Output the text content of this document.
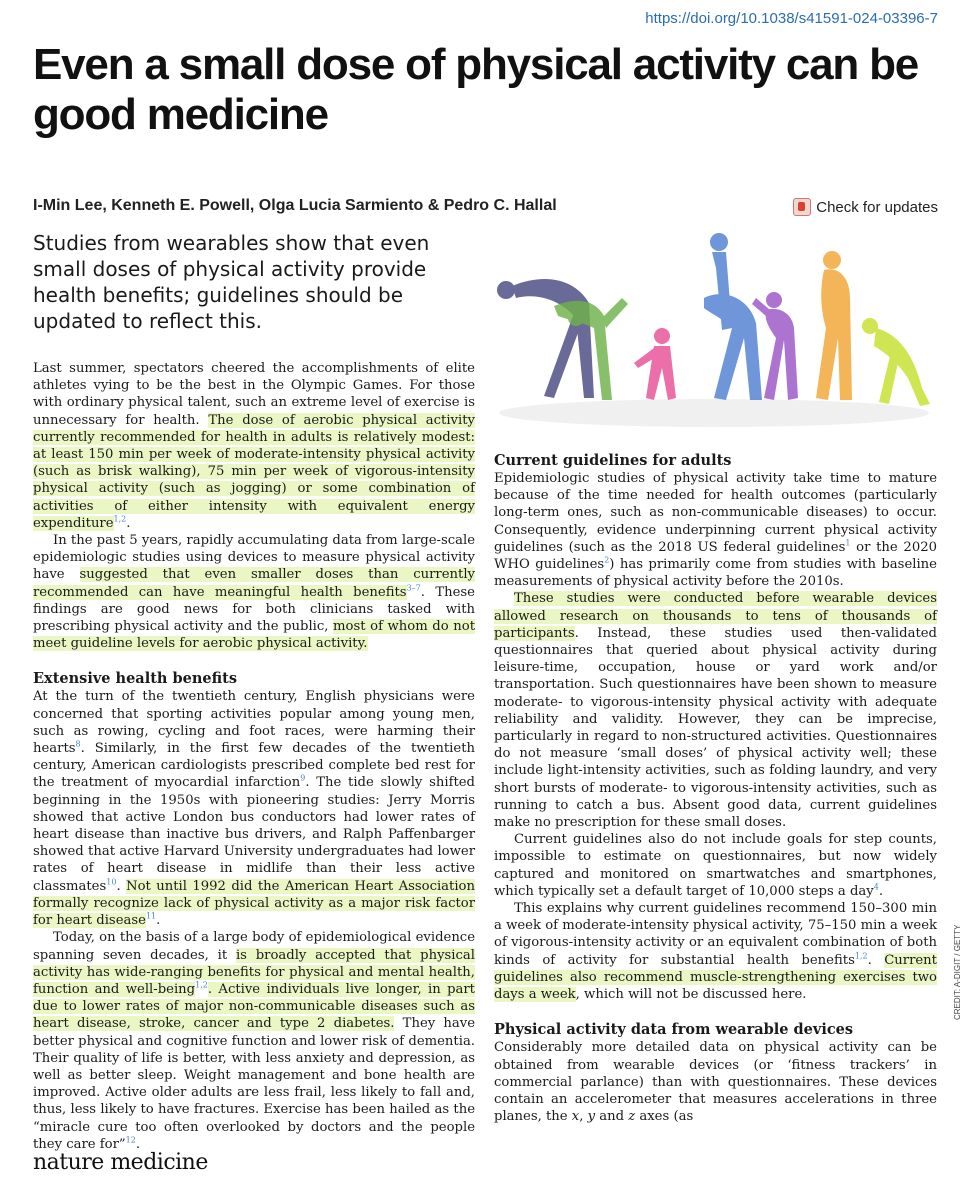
https://doi.org/10.1038/s41591-024-03396-7
Even a small dose of physical activity can be good medicine
I-Min Lee, Kenneth E. Powell, Olga Lucia Sarmiento & Pedro C. Hallal	Check for updates

Studies from wearables show that even small doses of physical activity provide health benefits; guidelines should be updated to reflect this.

Last summer, spectators cheered the accomplishments of elite athletes vying to be the best in the Olympic Games. For those with ordinary physical talent, such an extreme level of exercise is unnecessary for health. The dose of aerobic physical activity currently recommended for health in adults is relatively modest: at least 150 min per week of moderate-intensity physical activity (such as brisk walking), 75 min per week of vigorous-intensity physical activity (such as jogging) or some combination of activities of either intensity with equivalent energy expenditure$^{1,2}$.

In the past 5 years, rapidly accumulating data from large-scale epidemiologic studies using devices to measure physical activity have suggested that even smaller doses than currently recommended can have meaningful health benefits$^{3-7}$. These findings are good news for both clinicians tasked with prescribing physical activity and the public, most of whom do not meet guideline levels for aerobic physical activity.

Extensive health benefits

At the turn of the twentieth century, English physicians were concerned that sporting activities popular among young men, such as rowing, cycling and foot races, were harming their hearts$^8$. Similarly, in the first few decades of the twentieth century, American cardiologists prescribed complete bed rest for the treatment of myocardial infarction$^9$. The tide slowly shifted beginning in the 1950s with pioneering studies: Jerry Morris showed that active London bus conductors had lower rates of heart disease than inactive bus drivers, and Ralph Paffenbarger showed that active Harvard University undergraduates had lower rates of heart disease in midlife than their less active classmates$^{10}$. Not until 1992 did the American Heart Association formally recognize lack of physical activity as a major risk factor for heart disease$^{11}$.

Today, on the basis of a large body of epidemiological evidence spanning seven decades, it is broadly accepted that physical activity has wide-ranging benefits for physical and mental health, function and well-being$^{1,2}$. Active individuals live longer, in part due to lower rates of major non-communicable diseases such as heart disease, stroke, cancer and type 2 diabetes. They have better physical and cognitive function and lower risk of dementia. Their quality of life is better, with less anxiety and depression, as well as better sleep. Weight management and bone health are improved. Active older adults are less frail, less likely to fall and, thus, less likely to have fractures. Exercise has been hailed as the “miracle cure too often overlooked by doctors and the people they care for”$^{12}$.

Current guidelines for adults

Epidemiologic studies of physical activity take time to mature because of the time needed for health outcomes (particularly long-term ones, such as non-communicable diseases) to occur. Consequently, evidence underpinning current physical activity guidelines (such as the 2018 US federal guidelines$^1$ or the 2020 WHO guidelines$^2$) has primarily come from studies with baseline measurements of physical activity before the 2010s.

These studies were conducted before wearable devices allowed research on thousands to tens of thousands of participants. Instead, these studies used then-validated questionnaires that queried about physical activity during leisure-time, occupation, house or yard work and/or transportation. Such questionnaires have been shown to measure moderate- to vigorous-intensity physical activity with adequate reliability and validity. However, they can be imprecise, particularly in regard to non-structured activities. Questionnaires do not measure ‘small doses’ of physical activity well; these include light-intensity activities, such as folding laundry, and very short bursts of moderate- to vigorous-intensity activities, such as running to catch a bus. Absent good data, current guidelines make no prescription for these small doses.

Current guidelines also do not include goals for step counts, impossible to estimate on questionnaires, but now widely captured and monitored on smartwatches and smartphones, which typically set a default target of 10,000 steps a day$^4$.

This explains why current guidelines recommend 150–300 min a week of moderate-intensity physical activity, 75–150 min a week of vigorous-intensity activity or an equivalent combination of both kinds of activity for substantial health benefits$^{1,2}$. Current guidelines also recommend muscle-strengthening exercises two days a week, which will not be discussed here.

Physical activity data from wearable devices

Considerably more detailed data on physical activity can be obtained from wearable devices (or ‘fitness trackers’ in commercial parlance) than with questionnaires. These devices contain an accelerometer that measures accelerations in three planes, the x, y and z axes (as

CREDIT: A-DIGIT / GETTY
nature medicine
